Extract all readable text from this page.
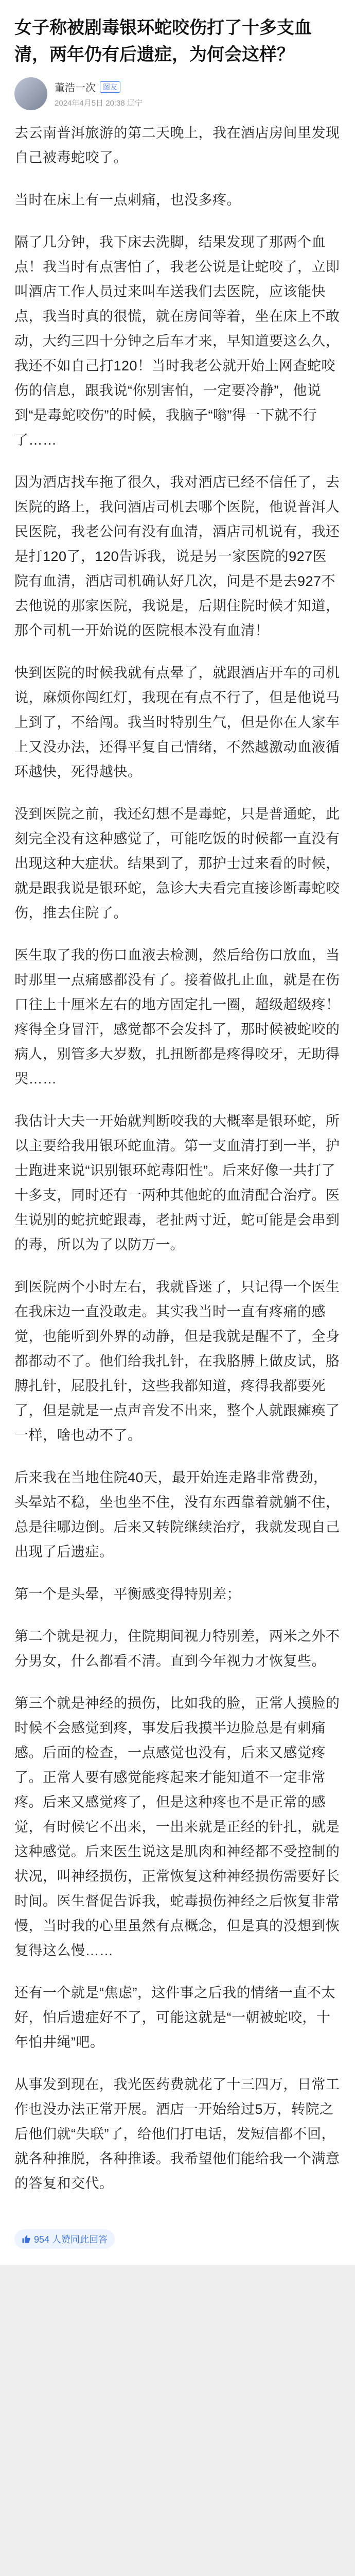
女子称被剧毒银环蛇咬伤打了十多支血清，两年仍有后遗症，为何会这样？
董浩一次	图友
2024年4月5日 20:38 辽宁

去云南普洱旅游的第二天晚上，我在酒店房间里发现自己被毒蛇咬了。

当时在床上有一点刺痛，也没多疼。

隔了几分钟，我下床去洗脚，结果发现了那两个血点！我当时有点害怕了，我老公说是让蛇咬了，立即叫酒店工作人员过来叫车送我们去医院，应该能快点，我当时真的很慌，就在房间等着，坐在床上不敢动，大约三四十分钟之后车才来，早知道要这么久，我还不如自己打120！当时我老公就开始上网查蛇咬伤的信息，跟我说“你别害怕，一定要冷静”，他说到“是毒蛇咬伤”的时候，我脑子“嗡”得一下就不行了……

因为酒店找车拖了很久，我对酒店已经不信任了，去医院的路上，我问酒店司机去哪个医院，他说普洱人民医院，我老公问有没有血清，酒店司机说有，我还是打120了，120告诉我，说是另一家医院的927医院有血清，酒店司机确认好几次，问是不是去927不去他说的那家医院，我说是，后期住院时候才知道，那个司机一开始说的医院根本没有血清！

快到医院的时候我就有点晕了，就跟酒店开车的司机说，麻烦你闯红灯，我现在有点不行了，但是他说马上到了，不给闯。我当时特别生气，但是你在人家车上又没办法，还得平复自己情绪，不然越激动血液循环越快，死得越快。

没到医院之前，我还幻想不是毒蛇，只是普通蛇，此刻完全没有这种感觉了，可能吃饭的时候都一直没有出现这种大症状。结果到了，那护士过来看的时候，就是跟我说是银环蛇，急诊大夫看完直接诊断毒蛇咬伤，推去住院了。

医生取了我的伤口血液去检测，然后给伤口放血，当时那里一点痛感都没有了。接着做扎止血，就是在伤口往上十厘米左右的地方固定扎一圈，超级超级疼！疼得全身冒汗，感觉都不会发抖了，那时候被蛇咬的病人，别管多大岁数，扎扭断都是疼得咬牙，无助得哭……

我估计大夫一开始就判断咬我的大概率是银环蛇，所以主要给我用银环蛇血清。第一支血清打到一半，护士跑进来说“识别银环蛇毒阳性”。后来好像一共打了十多支，同时还有一两种其他蛇的血清配合治疗。医生说别的蛇抗蛇跟毒，老扯两寸近，蛇可能是会串到的毒，所以为了以防万一。

到医院两个小时左右，我就昏迷了，只记得一个医生在我床边一直没敢走。其实我当时一直有疼痛的感觉，也能听到外界的动静，但是我就是醒不了，全身都都动不了。他们给我扎针，在我胳膊上做皮试，胳膊扎针，屁股扎针，这些我都知道，疼得我都要死了，但是就是一点声音发不出来，整个人就跟瘫痪了一样，啥也动不了。

后来我在当地住院40天，最开始连走路非常费劲，头晕站不稳，坐也坐不住，没有东西靠着就躺不住，总是往哪边倒。后来又转院继续治疗，我就发现自己出现了后遗症。

第一个是头晕，平衡感变得特别差；

第二个就是视力，住院期间视力特别差，两米之外不分男女，什么都看不清。直到今年视力才恢复些。

第三个就是神经的损伤，比如我的脸，正常人摸脸的时候不会感觉到疼，事发后我摸半边脸总是有刺痛感。后面的检查，一点感觉也没有，后来又感觉疼了。正常人要有感觉能疼起来才能知道不一定非常疼。后来又感觉疼了，但是这种疼也不是正常的感觉，有时候它不出来，一出来就是正经的针扎，就是这种感觉。后来医生说这是肌肉和神经都不受控制的状况，叫神经损伤，正常恢复这种神经损伤需要好长时间。医生督促告诉我，蛇毒损伤神经之后恢复非常慢，当时我的心里虽然有点概念，但是真的没想到恢复得这么慢……

还有一个就是“焦虑”，这件事之后我的情绪一直不太好，怕后遗症好不了，可能这就是“一朝被蛇咬，十年怕井绳”吧。

从事发到现在，我光医药费就花了十三四万，日常工作也没办法正常开展。酒店一开始给过5万，转院之后他们就“失联”了，给他们打电话，发短信都不回，就各种推脱，各种推诿。我希望他们能给我一个满意的答复和交代。

954 人赞同此回答
